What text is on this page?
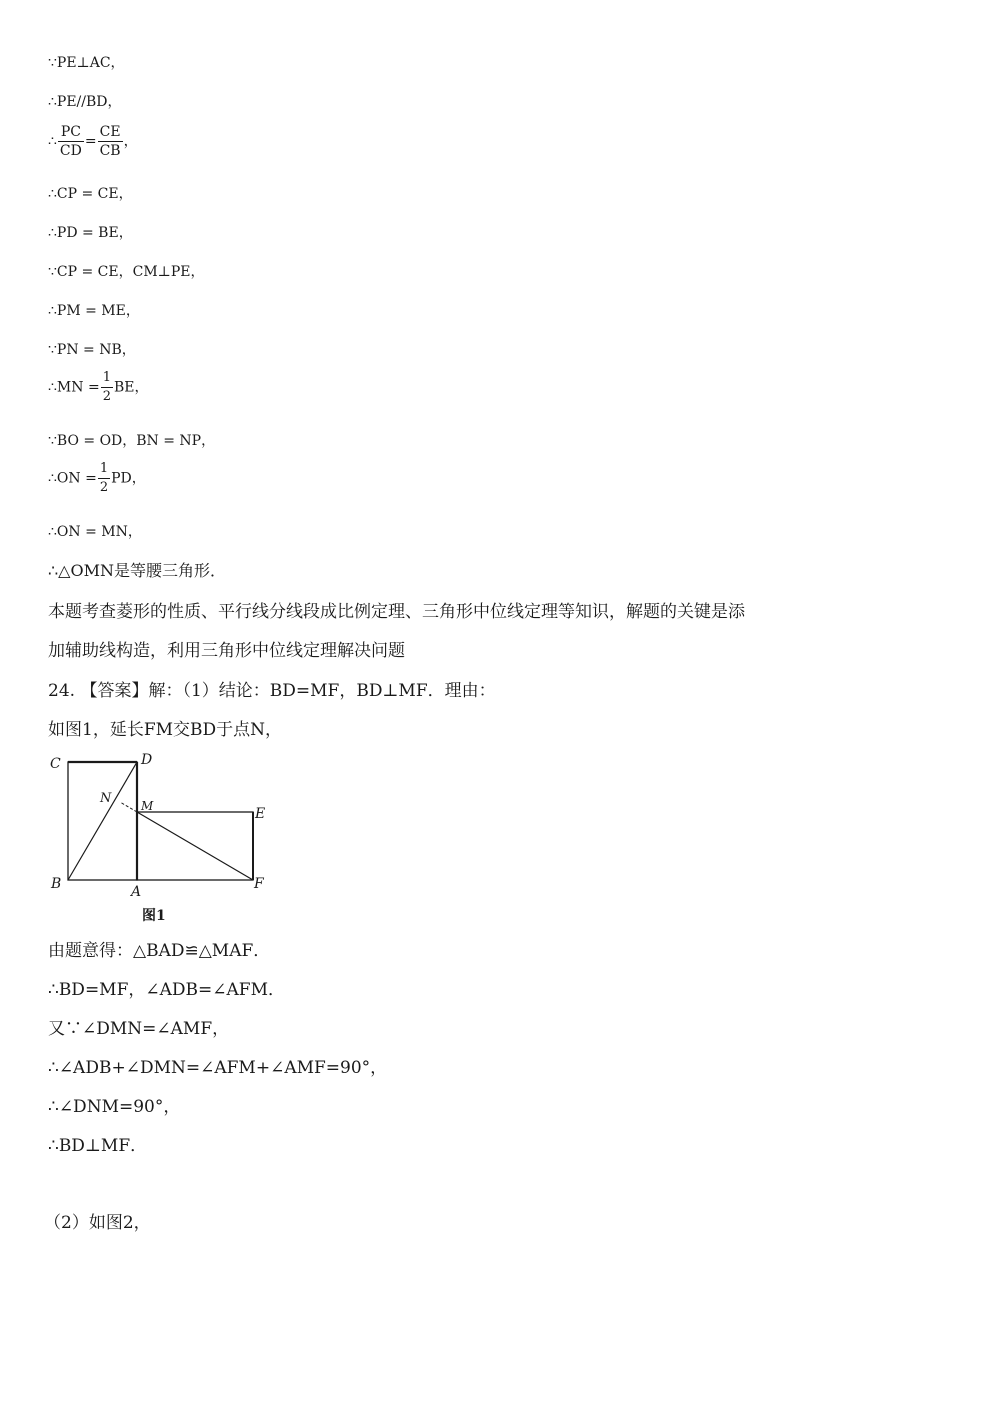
∵PE⊥AC，
∴PE//BD，
∴ $\frac{PC}{CD} = \frac{CE}{CB}$ ，
∴CP = CE，
∴PD = BE，
∵CP = CE，CM⊥PE，
∴PM = ME，
∵PN = NB，
∴MN = $\frac{1}{2}$ BE，
∵BO = OD，BN = NP，
∴ON = $\frac{1}{2}$ PD，
∴ON = MN，
∴△OMN是等腰三角形．
本题考查菱形的性质、平行线分线段成比例定理、三角形中位线定理等知识，解题的关键是添
加辅助线构造，利用三角形中位线定理解决问题
24. 【答案】解：（1）结论：BD=MF，BD⊥MF．理由：
如图1，延长FM交BD于点N，
C	D
N M	E
B	A	F
图1
由题意得：△BAD≌△MAF．
∴BD=MF，∠ADB=∠AFM．
又∵∠DMN=∠AMF，
∴∠ADB+∠DMN=∠AFM+∠AMF=90°，
∴∠DNM=90°，
∴BD⊥MF．
（2）如图2，
